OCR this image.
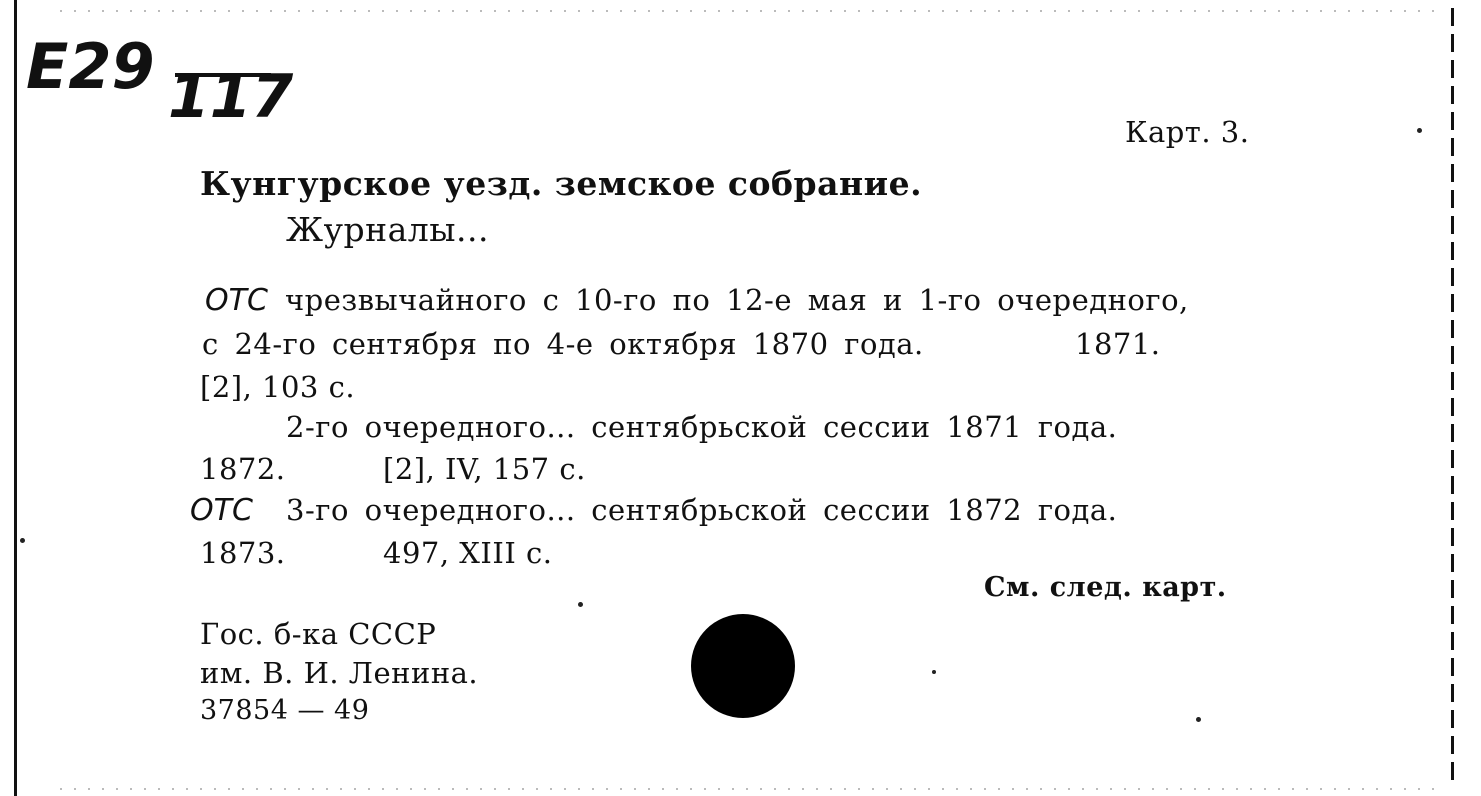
E29 117	Карт. 3.
Кунгурское уезд. земское собрание.
Журналы...
ОТС чрезвычайного с 10-го по 12-е мая и 1-го очередного,
с 24-го сентября по 4-е октября 1870 года.	1871.
[2], 103 с.
2-го очередного... сентябрьской сессии 1871 года.
1872.	[2], IV, 157 с.
ОТС 3-го очередного... сентябрьской сессии 1872 года.
1873.	497, XIII с.
См. след. карт.
Гос. б-ка СССР
им. В. И. Ленина.
37854 — 49
